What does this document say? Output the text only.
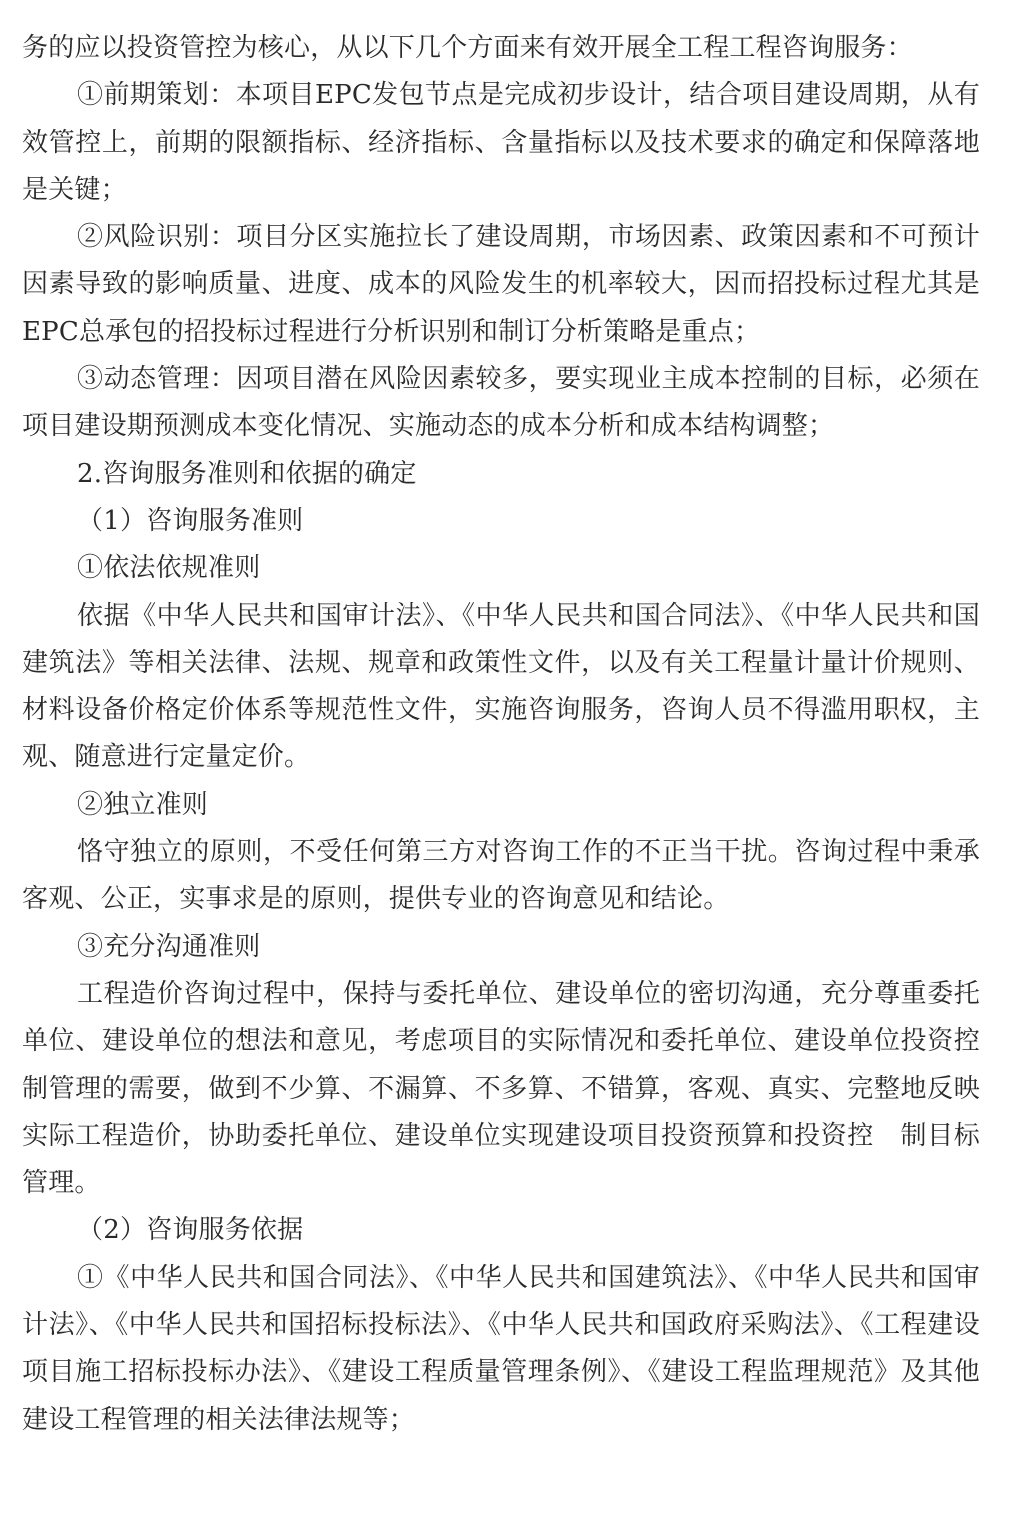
务的应以投资管控为核心，从以下几个方面来有效开展全工程工程咨询服务：

①前期策划：本项目EPC发包节点是完成初步设计，结合项目建设周期，从有效管控上，前期的限额指标、经济指标、含量指标以及技术要求的确定和保障落地是关键；

②风险识别：项目分区实施拉长了建设周期，市场因素、政策因素和不可预计因素导致的影响质量、进度、成本的风险发生的机率较大，因而招投标过程尤其是EPC总承包的招投标过程进行分析识别和制订分析策略是重点；

③动态管理：因项目潜在风险因素较多，要实现业主成本控制的目标，必须在项目建设期预测成本变化情况、实施动态的成本分析和成本结构调整；

2.咨询服务准则和依据的确定

（1）咨询服务准则

①依法依规准则

依据《中华人民共和国审计法》、《中华人民共和国合同法》、《中华人民共和国建筑法》等相关法律、法规、规章和政策性文件，以及有关工程量计量计价规则、材料设备价格定价体系等规范性文件，实施咨询服务，咨询人员不得滥用职权，主观、随意进行定量定价。

②独立准则

恪守独立的原则，不受任何第三方对咨询工作的不正当干扰。咨询过程中秉承客观、公正，实事求是的原则，提供专业的咨询意见和结论。

③充分沟通准则

工程造价咨询过程中，保持与委托单位、建设单位的密切沟通，充分尊重委托单位、建设单位的想法和意见，考虑项目的实际情况和委托单位、建设单位投资控制管理的需要，做到不少算、不漏算、不多算、不错算，客观、真实、完整地反映实际工程造价，协助委托单位、建设单位实现建设项目投资预算和投资控　制目标管理。

（2）咨询服务依据

①《中华人民共和国合同法》、《中华人民共和国建筑法》、《中华人民共和国审计法》、《中华人民共和国招标投标法》、《中华人民共和国政府采购法》、《工程建设项目施工招标投标办法》、《建设工程质量管理条例》、《建设工程监理规范》及其他建设工程管理的相关法律法规等；
